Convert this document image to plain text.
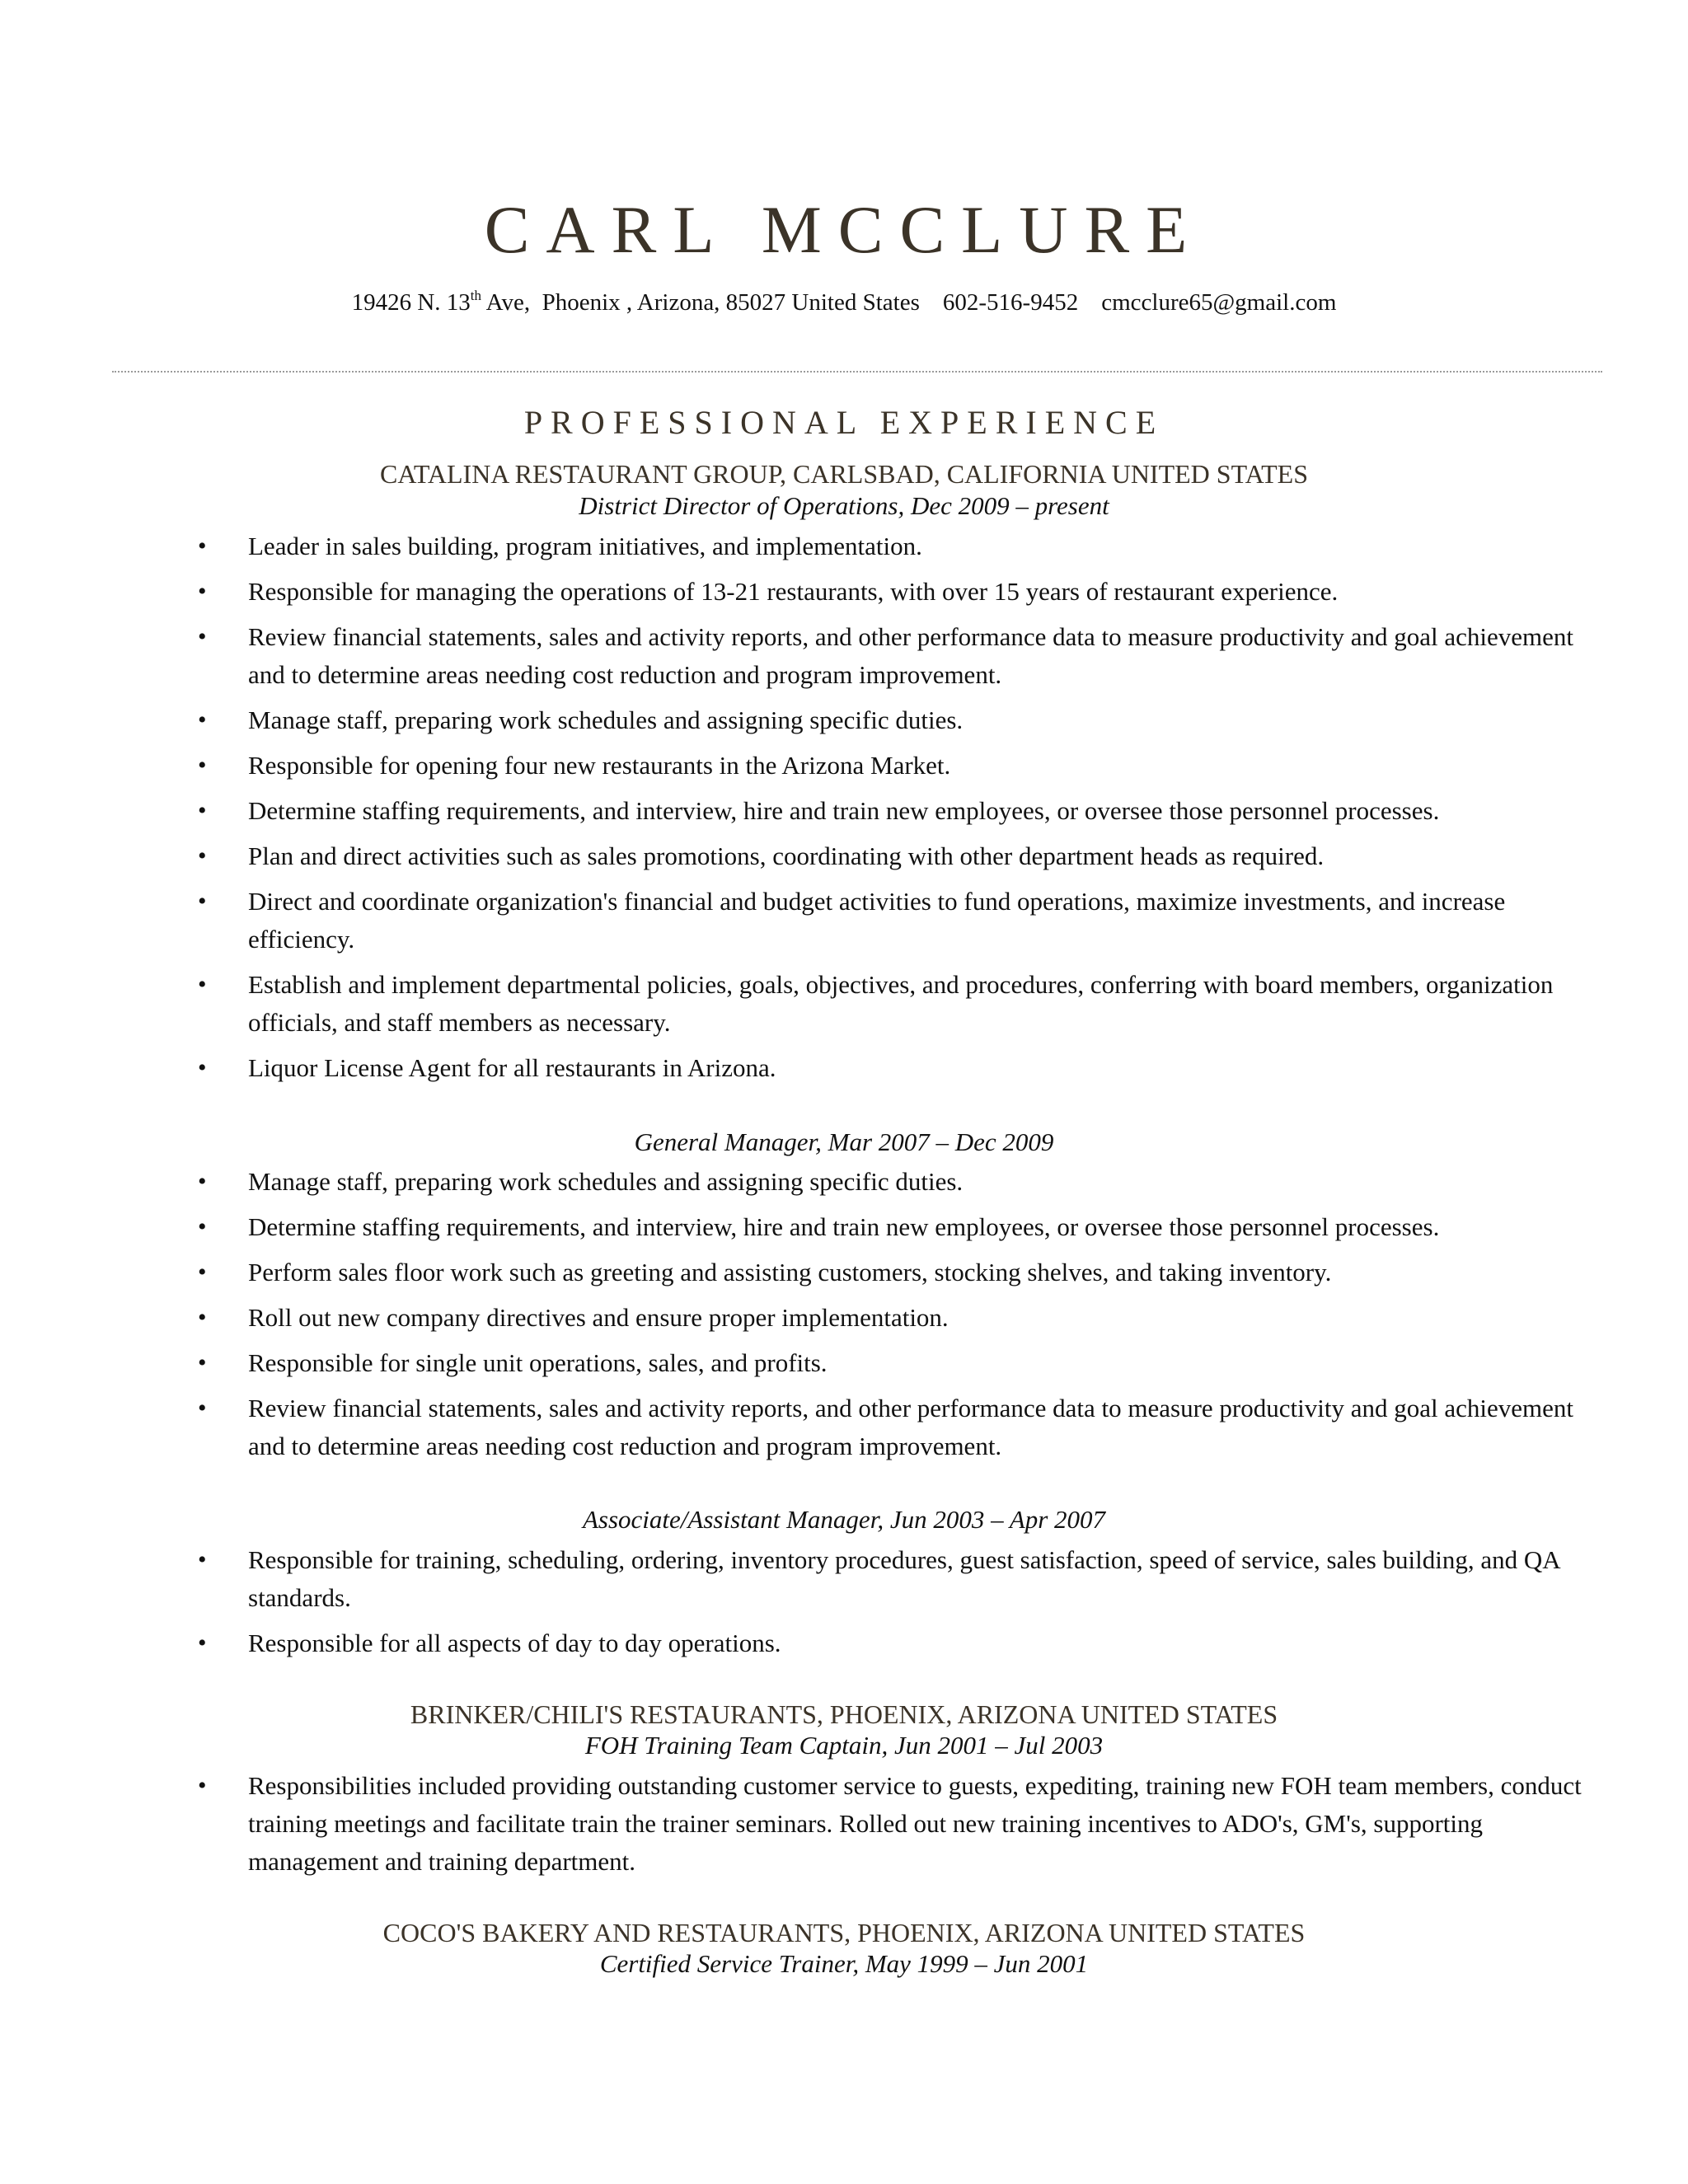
CARL MCCLURE
19426 N. 13th Ave,  Phoenix , Arizona, 85027 United States 602-516-9452 cmcclure65@gmail.com
PROFESSIONAL EXPERIENCE
CATALINA RESTAURANT GROUP, CARLSBAD, CALIFORNIA UNITED STATES
District Director of Operations, Dec 2009 – present
• Leader in sales building, program initiatives, and implementation.
• Responsible for managing the operations of 13-21 restaurants, with over 15 years of restaurant experience.
• Review financial statements, sales and activity reports, and other performance data to measure productivity and goal achievement and to determine areas needing cost reduction and program improvement.
• Manage staff, preparing work schedules and assigning specific duties.
• Responsible for opening four new restaurants in the Arizona Market.
• Determine staffing requirements, and interview, hire and train new employees, or oversee those personnel processes.
• Plan and direct activities such as sales promotions, coordinating with other department heads as required.
• Direct and coordinate organization's financial and budget activities to fund operations, maximize investments, and increase efficiency.
• Establish and implement departmental policies, goals, objectives, and procedures, conferring with board members, organization officials, and staff members as necessary.
• Liquor License Agent for all restaurants in Arizona.
General Manager, Mar 2007 – Dec 2009
• Manage staff, preparing work schedules and assigning specific duties.
• Determine staffing requirements, and interview, hire and train new employees, or oversee those personnel processes.
• Perform sales floor work such as greeting and assisting customers, stocking shelves, and taking inventory.
• Roll out new company directives and ensure proper implementation.
• Responsible for single unit operations, sales, and profits.
• Review financial statements, sales and activity reports, and other performance data to measure productivity and goal achievement and to determine areas needing cost reduction and program improvement.
Associate/Assistant Manager, Jun 2003 – Apr 2007
• Responsible for training, scheduling, ordering, inventory procedures, guest satisfaction, speed of service, sales building, and QA standards.
• Responsible for all aspects of day to day operations.
BRINKER/CHILI'S RESTAURANTS, PHOENIX, ARIZONA UNITED STATES
FOH Training Team Captain, Jun 2001 – Jul 2003
• Responsibilities included providing outstanding customer service to guests, expediting, training new FOH team members, conduct training meetings and facilitate train the trainer seminars. Rolled out new training incentives to ADO's, GM's, supporting management and training department.
COCO'S BAKERY AND RESTAURANTS, PHOENIX, ARIZONA UNITED STATES
Certified Service Trainer, May 1999 – Jun 2001
